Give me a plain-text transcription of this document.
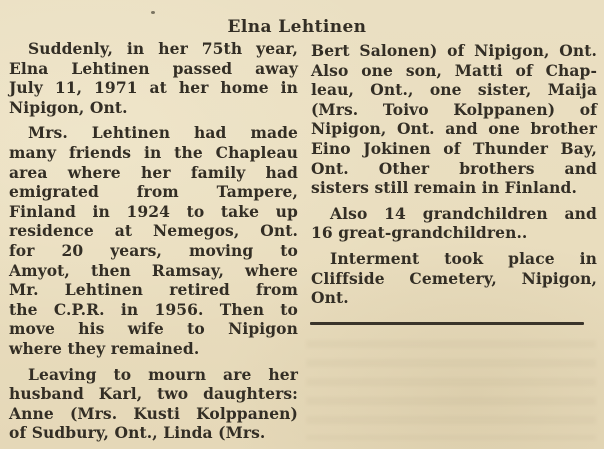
Elna Lehtinen
Suddenly, in her 75th year,
Elna Lehtinen passed away
July 11, 1971 at her home in
Nipigon, Ont.
Mrs. Lehtinen had made
many friends in the Chapleau
area where her family had
emigrated from Tampere,
Finland in 1924 to take up
residence at Nemegos, Ont.
for 20 years, moving to
Amyot, then Ramsay, where
Mr. Lehtinen retired from
the C.P.R. in 1956. Then to
move his wife to Nipigon
where they remained.
Leaving to mourn are her
husband Karl, two daughters:
Anne (Mrs. Kusti Kolppanen)
of Sudbury, Ont., Linda (Mrs.
Bert Salonen) of Nipigon, Ont.
Also one son, Matti of Chap-
leau, Ont., one sister, Maija
(Mrs. Toivo Kolppanen) of
Nipigon, Ont. and one brother
Eino Jokinen of Thunder Bay,
Ont. Other brothers and
sisters still remain in Finland.
Also 14 grandchildren and
16 great-grandchildren..
Interment took place in
Cliffside Cemetery, Nipigon,
Ont.
